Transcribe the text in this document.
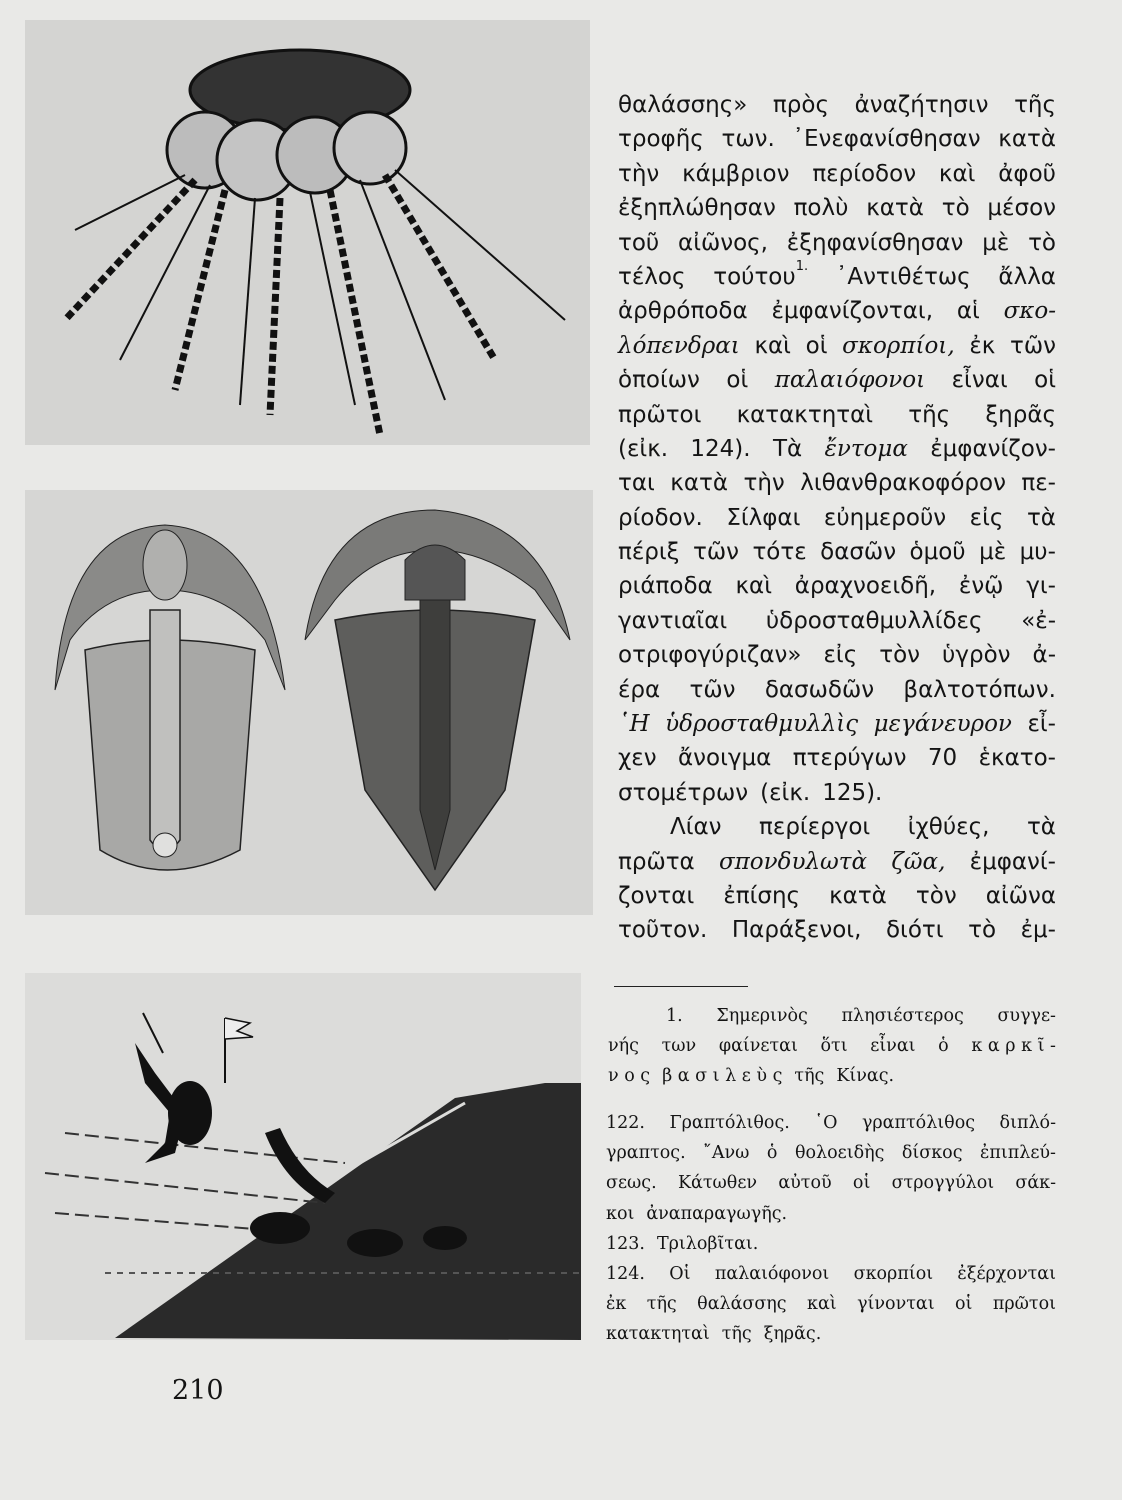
θαλάσσης» πρὸς ἀναζήτησιν τῆς
τροφῆς των. ᾿Ενεφανίσθησαν κατὰ
τὴν κάμβριον περίοδον καὶ ἀφοῦ
ἐξηπλώθησαν πολὺ κατὰ τὸ μέσον
τοῦ αἰῶνος, ἐξηφανίσθησαν μὲ τὸ
τέλος τούτου$^{1.}$ ᾿Αντιθέτως ἄλλα
ἀρθρόποδα ἐμφανίζονται, αἱ σκο-
λόπενδραι καὶ οἱ σκορπίοι, ἐκ τῶν
ὁποίων οἱ παλαιόφονοι εἶναι οἱ
πρῶτοι κατακτηταὶ τῆς ξηρᾶς
(εἰκ. 124). Τὰ ἔντομα ἐμφανίζον-
ται κατὰ τὴν λιθανθρακοφόρον πε-
ρίοδον. Σίλφαι εὐημεροῦν εἰς τὰ
πέριξ τῶν τότε δασῶν ὁμοῦ μὲ μυ-
ριάποδα καὶ ἀραχνοειδῆ, ἐνῷ γι-
γαντιαῖαι ὑδροσταθμυλλίδες «ἐ-
οτριφογύριζαν» εἰς τὸν ὑγρὸν ἀ-
έρα τῶν δασωδῶν βαλτοτόπων.
῾Η ὑδροσταθμυλλὶς μεγάνευρον εἶ-
χεν ἄνοιγμα πτερύγων 70 ἑκατο-
στομέτρων (εἰκ. 125).
Λίαν περίεργοι ἰχθύες, τὰ
πρῶτα σπονδυλωτὰ ζῶα, ἐμφανί-
ζονται ἐπίσης κατὰ τὸν αἰῶνα
τοῦτον. Παράξενοι, διότι τὸ ἐμ-
1. Σημερινὸς πλησιέστερος συγγε-
νής των φαίνεται ὅτι εἶναι ὁ κ α ρ κ ῖ -
ν ο ς β α σ ι λ ε ὺ ς τῆς Κίνας.
122. Γραπτόλιθος. ῾Ο γραπτόλιθος διπλό-
γραπτος. ῎Ανω ὁ θολοειδὴς δίσκος ἐπιπλεύ-
σεως. Κάτωθεν αὐτοῦ οἱ στρογγύλοι σάκ-
κοι ἀναπαραγωγῆς.
123. Τριλοβῖται.
124. Οἱ παλαιόφονοι σκορπίοι ἐξέρχονται
ἐκ τῆς θαλάσσης καὶ γίνονται οἱ πρῶτοι
κατακτηταὶ τῆς ξηρᾶς.
210
